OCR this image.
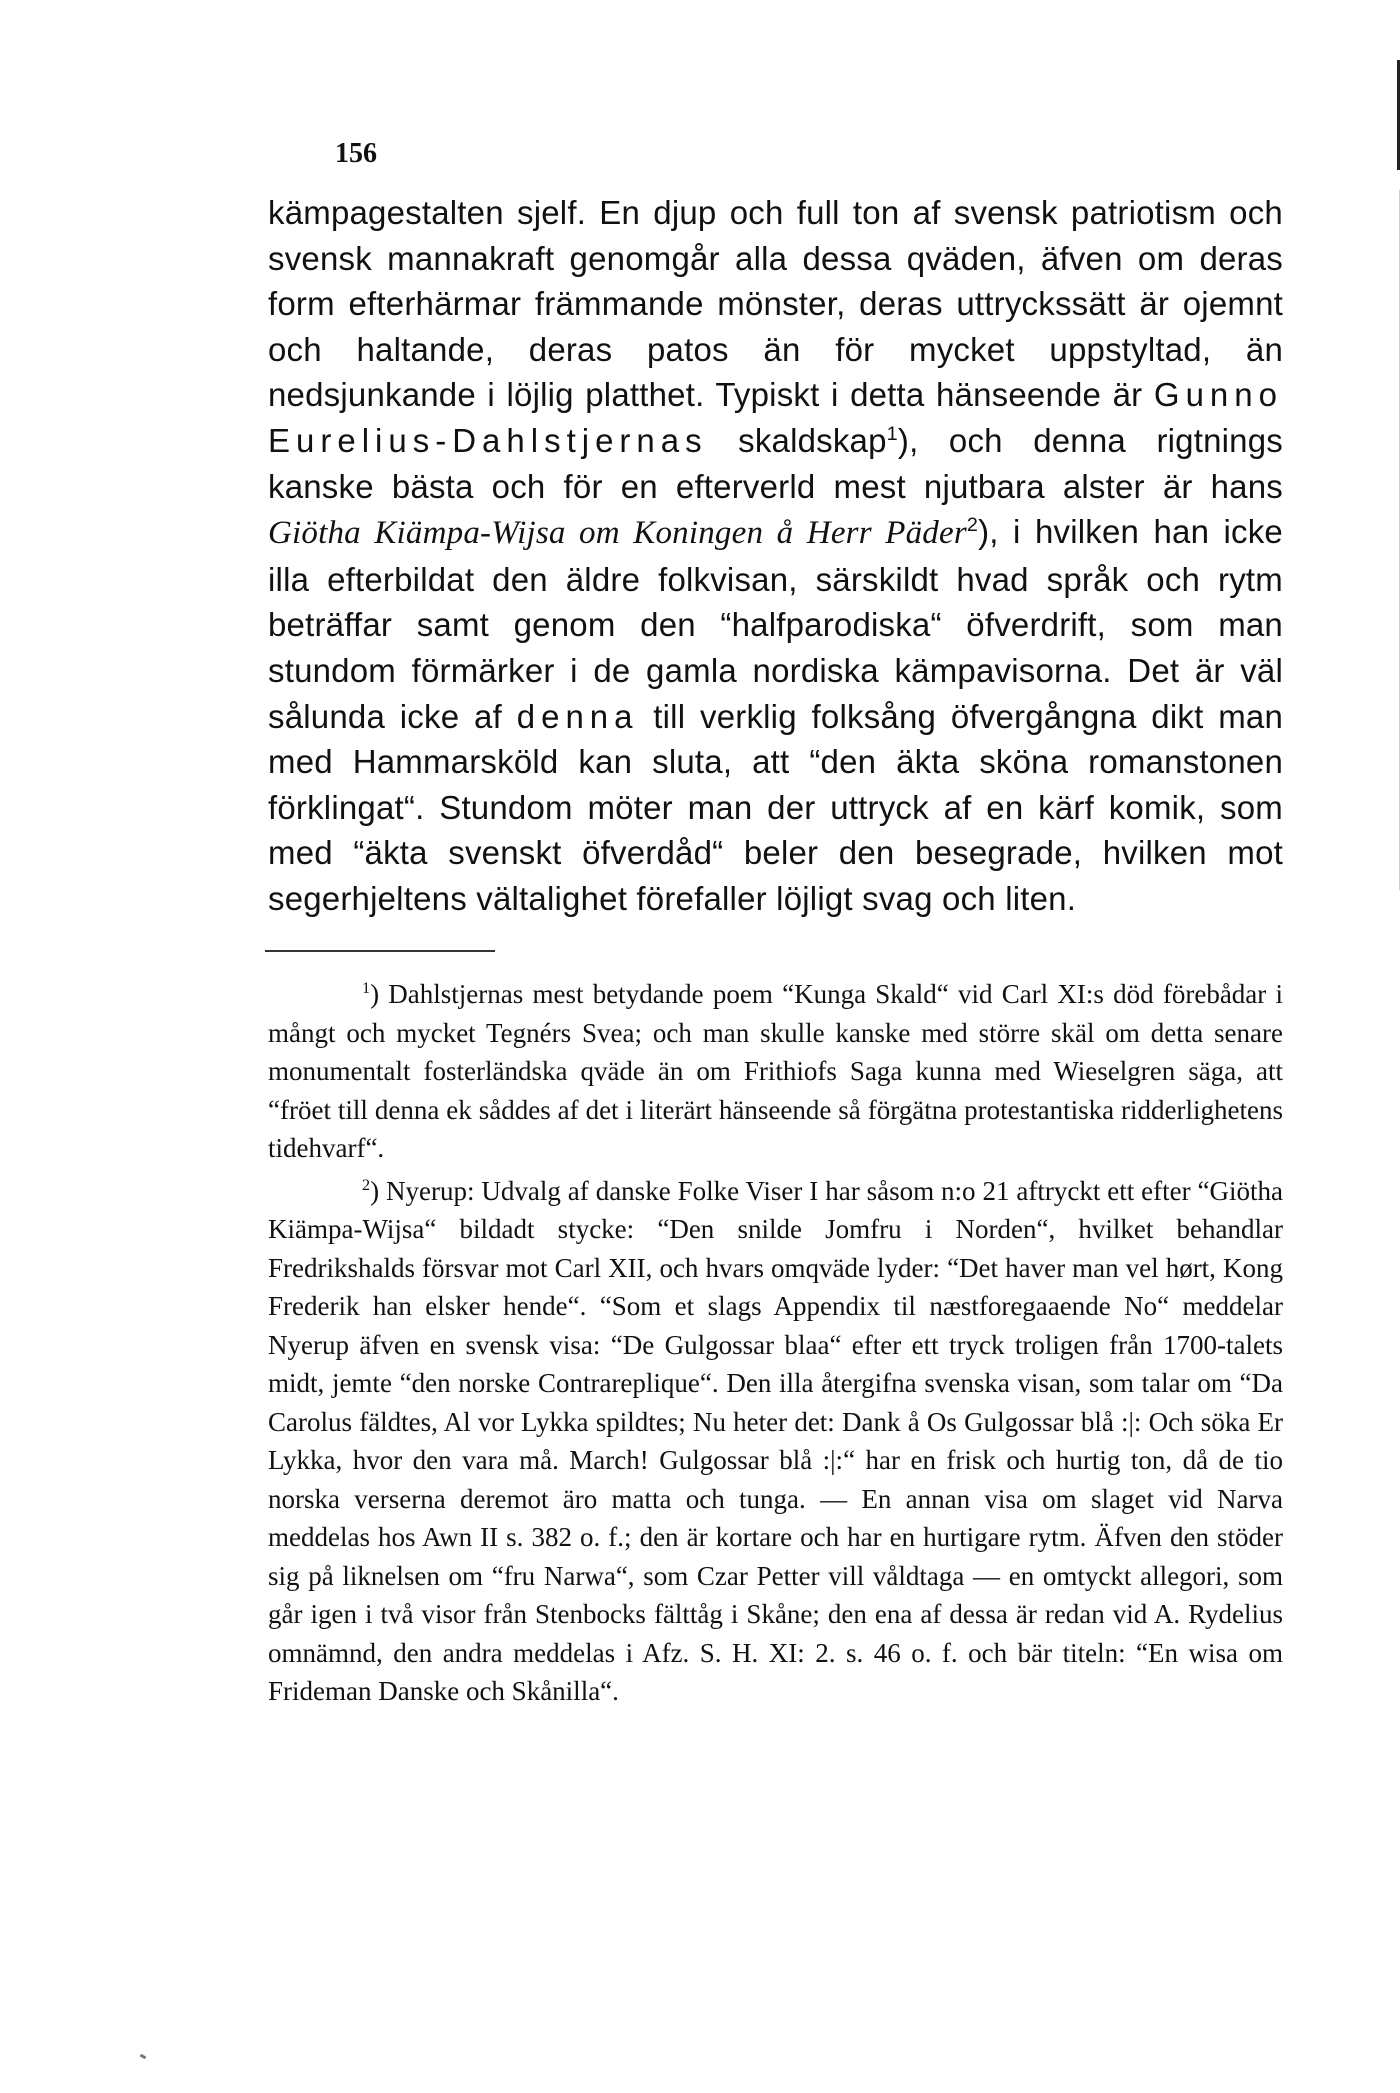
156
kämpagestalten sjelf. En djup och full ton af svensk patriotism och svensk mannakraft genomgår alla dessa qväden, äfven om deras form efterhärmar främmande mönster, deras uttryckssätt är ojemnt och haltande, deras patos än för mycket uppstyltad, än nedsjunkande i löjlig platthet. Typiskt i detta hänseende är Gunno Eurelius-Dahlstjernas skaldskap$^1$), och denna rigtnings kanske bästa och för en efterverld mest njutbara alster är hans Giötha Kiämpa-Wijsa om Koningen å Herr Päder$^2$), i hvilken han icke illa efterbildat den äldre folkvisan, särskildt hvad språk och rytm beträffar samt genom den “halfparodiska“ öfverdrift, som man stundom förmärker i de gamla nordiska kämpavisorna. Det är väl sålunda icke af denna till verklig folksång öfvergångna dikt man med Hammarsköld kan sluta, att “den äkta sköna romanstonen förklingat“. Stundom möter man der uttryck af en kärf komik, som med “äkta svenskt öfverdåd“ beler den besegrade, hvilken mot segerhjeltens vältalighet förefaller löjligt svag och liten.

$^1$) Dahlstjernas mest betydande poem “Kunga Skald“ vid Carl XI:s död förebådar i mångt och mycket Tegnérs Svea; och man skulle kanske med större skäl om detta senare monumentalt fosterländska qväde än om Frithiofs Saga kunna med Wieselgren säga, att “fröet till denna ek såddes af det i literärt hänseende så förgätna protestantiska ridderlighetens tidehvarf“.

$^2$) Nyerup: Udvalg af danske Folke Viser I har såsom n:o 21 aftryckt ett efter “Giötha Kiämpa-Wijsa“ bildadt stycke: “Den snilde Jomfru i Norden“, hvilket behandlar Fredrikshalds försvar mot Carl XII, och hvars omqväde lyder: “Det haver man vel hørt, Kong Frederik han elsker hende“. “Som et slags Appendix til næstforegaaende No“ meddelar Nyerup äfven en svensk visa: “De Gulgossar blaa“ efter ett tryck troligen från 1700-talets midt, jemte “den norske Contrareplique“. Den illa återgifna svenska visan, som talar om “Da Carolus fäldtes, Al vor Lykka spildtes; Nu heter det: Dank å Os Gulgossar blå :|: Och söka Er Lykka, hvor den vara må. March! Gulgossar blå :|:“ har en frisk och hurtig ton, då de tio norska verserna deremot äro matta och tunga. — En annan visa om slaget vid Narva meddelas hos Awn II s. 382 o. f.; den är kortare och har en hurtigare rytm. Äfven den stöder sig på liknelsen om “fru Narwa“, som Czar Petter vill våldtaga — en omtyckt allegori, som går igen i två visor från Stenbocks fälttåg i Skåne; den ena af dessa är redan vid A. Rydelius omnämnd, den andra meddelas i Afz. S. H. XI: 2. s. 46 o. f. och bär titeln: “En wisa om Frideman Danske och Skånilla“.
